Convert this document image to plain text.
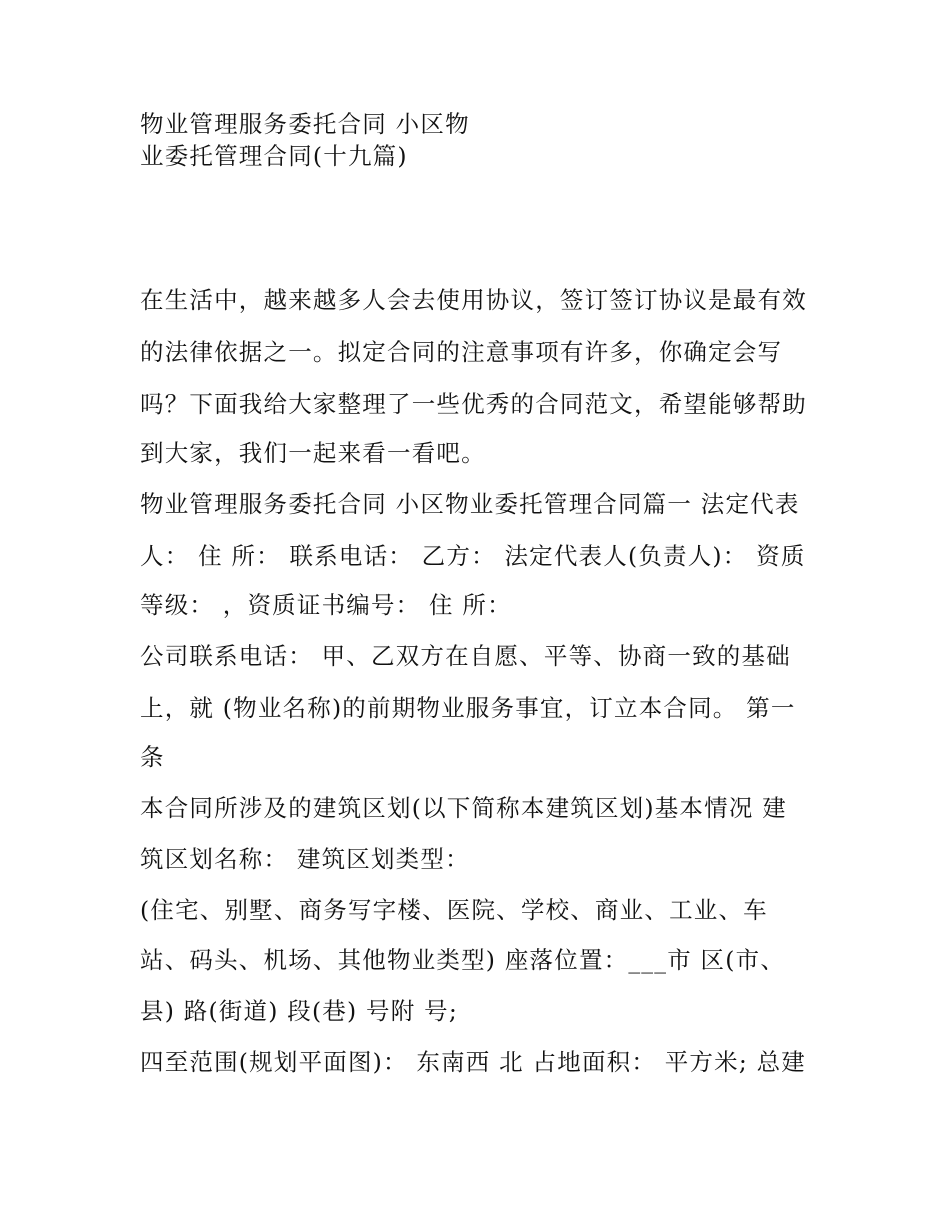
物业管理服务委托合同 小区物
业委托管理合同(十九篇)
在生活中，越来越多人会去使用协议，签订签订协议是最有效
的法律依据之一。拟定合同的注意事项有许多，你确定会写
吗？下面我给大家整理了一些优秀的合同范文，希望能够帮助
到大家，我们一起来看一看吧。
物业管理服务委托合同 小区物业委托管理合同篇一 法定代表
人： 住 所： 联系电话： 乙方： 法定代表人(负责人)： 资质
等级： ，资质证书编号： 住 所：
公司联系电话： 甲、乙双方在自愿、平等、协商一致的基础
上，就 (物业名称)的前期物业服务事宜，订立本合同。 第一
条
本合同所涉及的建筑区划(以下简称本建筑区划)基本情况 建
筑区划名称： 建筑区划类型：
(住宅、别墅、商务写字楼、医院、学校、商业、工业、车
站、码头、机场、其他物业类型) 座落位置：___市 区(市、
县) 路(街道) 段(巷) 号附 号;
四至范围(规划平面图)： 东南西 北 占地面积： 平方米; 总建
